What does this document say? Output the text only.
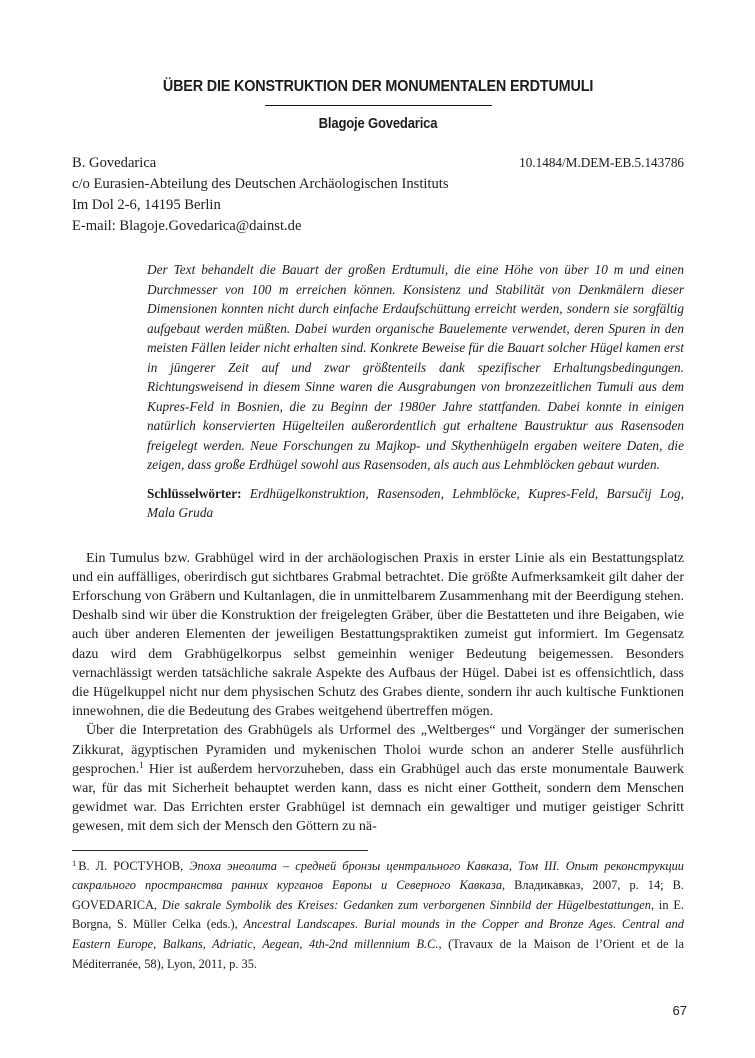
ÜBER DIE KONSTRUKTION DER MONUMENTALEN ERDTUMULI
Blagoje Govedarica
B. Govedarica	10.1484/M.DEM-EB.5.143786
c/o Eurasien-Abteilung des Deutschen Archäologischen Instituts
Im Dol 2-6, 14195 Berlin
E-mail: Blagoje.Govedarica@dainst.de
Der Text behandelt die Bauart der großen Erdtumuli, die eine Höhe von über 10 m und einen Durchmesser von 100 m erreichen können. Konsistenz und Stabilität von Denkmälern dieser Dimensionen konnten nicht durch einfache Erdaufschüttung erreicht werden, sondern sie sorgfältig aufgebaut werden müßten. Dabei wurden organische Bauelemente verwendet, deren Spuren in den meisten Fällen leider nicht erhalten sind. Konkrete Beweise für die Bauart solcher Hügel kamen erst in jüngerer Zeit auf und zwar größtenteils dank spezifischer Erhaltungsbedingungen. Richtungsweisend in diesem Sinne waren die Ausgrabungen von bronzezeitlichen Tumuli aus dem Kupres-Feld in Bosnien, die zu Beginn der 1980er Jahre stattfanden. Dabei konnte in einigen natürlich konservierten Hügelteilen außerordentlich gut erhaltene Baustruktur aus Rasensoden freigelegt werden. Neue Forschungen zu Majkop- und Skythenhügeln ergaben weitere Daten, die zeigen, dass große Erdhügel sowohl aus Rasensoden, als auch aus Lehmblöcken gebaut wurden.
Schlüsselwörter: Erdhügelkonstruktion, Rasensoden, Lehmblöcke, Kupres-Feld, Barsučij Log, Mala Gruda

Ein Tumulus bzw. Grabhügel wird in der archäologischen Praxis in erster Linie als ein Bestattungsplatz und ein auffälliges, oberirdisch gut sichtbares Grabmal betrachtet. Die größte Aufmerksamkeit gilt daher der Erforschung von Gräbern und Kultanlagen, die in unmittelbarem Zusammenhang mit der Beerdigung stehen. Deshalb sind wir über die Konstruktion der freigelegten Gräber, über die Bestatteten und ihre Beigaben, wie auch über anderen Elementen der jeweiligen Bestattungspraktiken zumeist gut informiert. Im Gegensatz dazu wird dem Grabhügelkorpus selbst gemeinhin weniger Bedeutung beigemessen. Besonders vernachlässigt werden tatsächliche sakrale Aspekte des Aufbaus der Hügel. Dabei ist es offensichtlich, dass die Hügelkuppel nicht nur dem physischen Schutz des Grabes diente, sondern ihr auch kultische Funktionen innewohnen, die die Bedeutung des Grabes weitgehend übertreffen mögen.

Über die Interpretation des Grabhügels als Urformel des „Weltberges“ und Vorgänger der sumerischen Zikkurat, ägyptischen Pyramiden und mykenischen Tholoi wurde schon an anderer Stelle ausführlich gesprochen.$^1$ Hier ist außerdem hervorzuheben, dass ein Grabhügel auch das erste monumentale Bauwerk war, für das mit Sicherheit behauptet werden kann, dass es nicht einer Gottheit, sondern dem Menschen gewidmet war. Das Errichten erster Grabhügel ist demnach ein gewaltiger und mutiger geistiger Schritt gewesen, mit dem sich der Mensch den Göttern zu nä-

$^1$ В. Л. РОСТУНОВ, Эпоха энеолита – средней бронзы центрального Кавказа, Том III. Опыт реконструкции сакрального пространства ранних курганов Европы и Северного Кавказа, Владикавказ, 2007, p. 14; B. GOVEDARICA, Die sakrale Symbolik des Kreises: Gedanken zum verborgenen Sinnbild der Hügelbestattungen, in E. Borgna, S. Müller Celka (eds.), Ancestral Landscapes. Burial mounds in the Copper and Bronze Ages. Central and Eastern Europe, Balkans, Adriatic, Aegean, 4th-2nd millennium B.C., (Travaux de la Maison de l’Orient et de la Méditerranée, 58), Lyon, 2011, p. 35.

67
